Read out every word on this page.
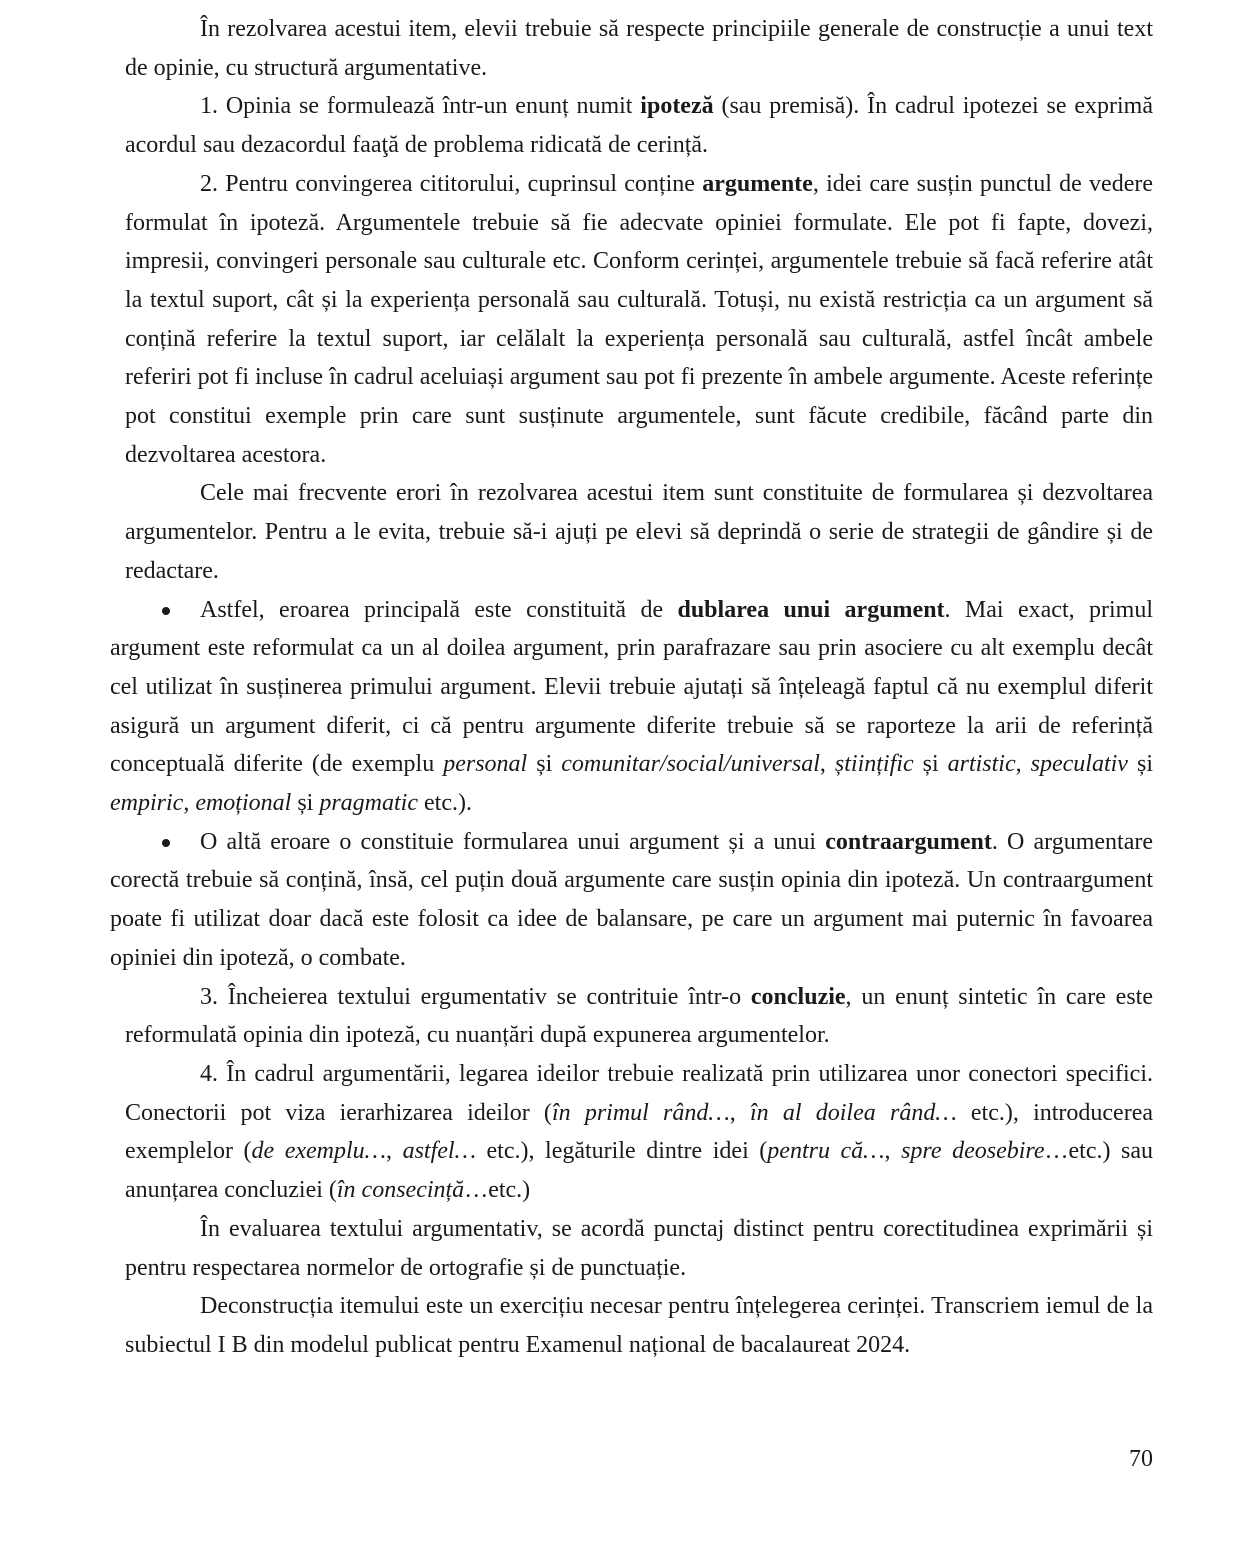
În rezolvarea acestui item, elevii trebuie să respecte principiile generale de construcție a unui text de opinie, cu structură argumentative.

1. Opinia se formulează într-un enunț numit ipoteză (sau premisă). În cadrul ipotezei se exprimă acordul sau dezacordul faaţă de problema ridicată de cerință.

2. Pentru convingerea cititorului, cuprinsul conține argumente, idei care susțin punctul de vedere formulat în ipoteză. Argumentele trebuie să fie adecvate opiniei formulate. Ele pot fi fapte, dovezi, impresii, convingeri personale sau culturale etc. Conform cerinței, argumentele trebuie să facă referire atât la textul suport, cât și la experiența personală sau culturală. Totuși, nu există restricția ca un argument să conțină referire la textul suport, iar celălalt la experiența personală sau culturală, astfel încât ambele referiri pot fi incluse în cadrul aceluiași argument sau pot fi prezente în ambele argumente. Aceste referințe pot constitui exemple prin care sunt susținute argumentele, sunt făcute credibile, făcând parte din dezvoltarea acestora.

Cele mai frecvente erori în rezolvarea acestui item sunt constituite de formularea și dezvoltarea argumentelor. Pentru a le evita, trebuie să-i ajuți pe elevi să deprindă o serie de strategii de gândire și de redactare.

Astfel, eroarea principală este constituită de dublarea unui argument. Mai exact, primul argument este reformulat ca un al doilea argument, prin parafrazare sau prin asociere cu alt exemplu decât cel utilizat în susținerea primului argument. Elevii trebuie ajutați să înțeleagă faptul că nu exemplul diferit asigură un argument diferit, ci că pentru argumente diferite trebuie să se raporteze la arii de referință conceptuală diferite (de exemplu personal și comunitar/social/universal, științific și artistic, speculativ și empiric, emoțional și pragmatic etc.).

O altă eroare o constituie formularea unui argument și a unui contraargument. O argumentare corectă trebuie să conțină, însă, cel puțin două argumente care susțin opinia din ipoteză. Un contraargument poate fi utilizat doar dacă este folosit ca idee de balansare, pe care un argument mai puternic în favoarea opiniei din ipoteză, o combate.

3. Încheierea textului ergumentativ se contrituie într-o concluzie, un enunț sintetic în care este reformulată opinia din ipoteză, cu nuanțări după expunerea argumentelor.

4. În cadrul argumentării, legarea ideilor trebuie realizată prin utilizarea unor conectori specifici. Conectorii pot viza ierarhizarea ideilor (în primul rând…, în al doilea rând… etc.), introducerea exemplelor (de exemplu…, astfel… etc.), legăturile dintre idei (pentru că…, spre deosebire…etc.) sau anunțarea concluziei (în consecință…etc.)

În evaluarea textului argumentativ, se acordă punctaj distinct pentru corectitudinea exprimării și pentru respectarea normelor de ortografie și de punctuație.

Deconstrucția itemului este un exercițiu necesar pentru înțelegerea cerinței. Transcriem iemul de la subiectul I B din modelul publicat pentru Examenul național de bacalaureat 2024.

70
